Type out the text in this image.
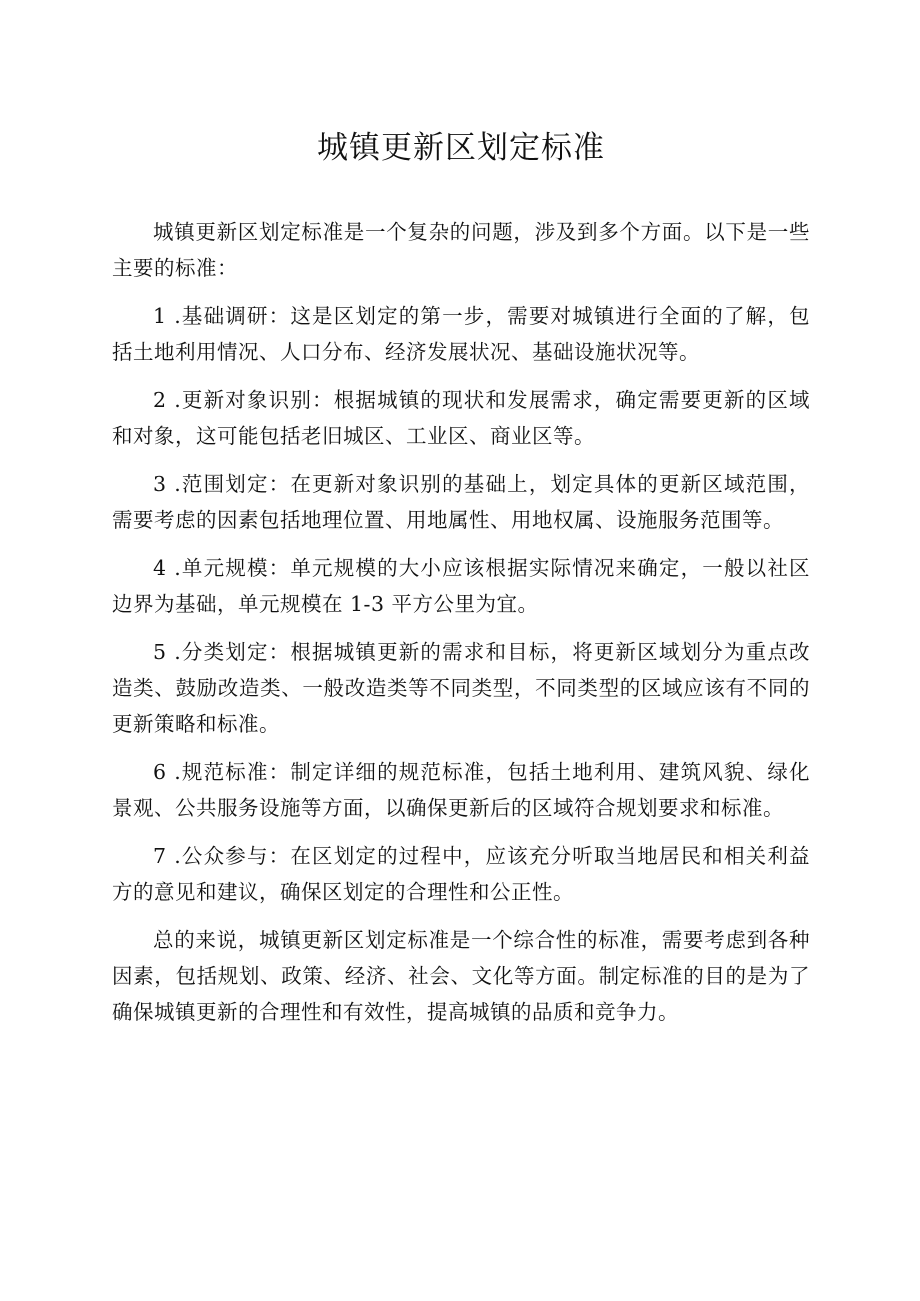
城镇更新区划定标准

城镇更新区划定标准是一个复杂的问题，涉及到多个方面。以下是一些主要的标准：

1 .基础调研：这是区划定的第一步，需要对城镇进行全面的了解，包括土地利用情况、人口分布、经济发展状况、基础设施状况等。

2 .更新对象识别：根据城镇的现状和发展需求，确定需要更新的区域和对象，这可能包括老旧城区、工业区、商业区等。

3 .范围划定：在更新对象识别的基础上，划定具体的更新区域范围，需要考虑的因素包括地理位置、用地属性、用地权属、设施服务范围等。

4 .单元规模：单元规模的大小应该根据实际情况来确定，一般以社区边界为基础，单元规模在 1-3 平方公里为宜。

5 .分类划定：根据城镇更新的需求和目标，将更新区域划分为重点改造类、鼓励改造类、一般改造类等不同类型，不同类型的区域应该有不同的更新策略和标准。

6 .规范标准：制定详细的规范标准，包括土地利用、建筑风貌、绿化景观、公共服务设施等方面，以确保更新后的区域符合规划要求和标准。

7 .公众参与：在区划定的过程中，应该充分听取当地居民和相关利益方的意见和建议，确保区划定的合理性和公正性。

总的来说，城镇更新区划定标准是一个综合性的标准，需要考虑到各种因素，包括规划、政策、经济、社会、文化等方面。制定标准的目的是为了确保城镇更新的合理性和有效性，提高城镇的品质和竞争力。
